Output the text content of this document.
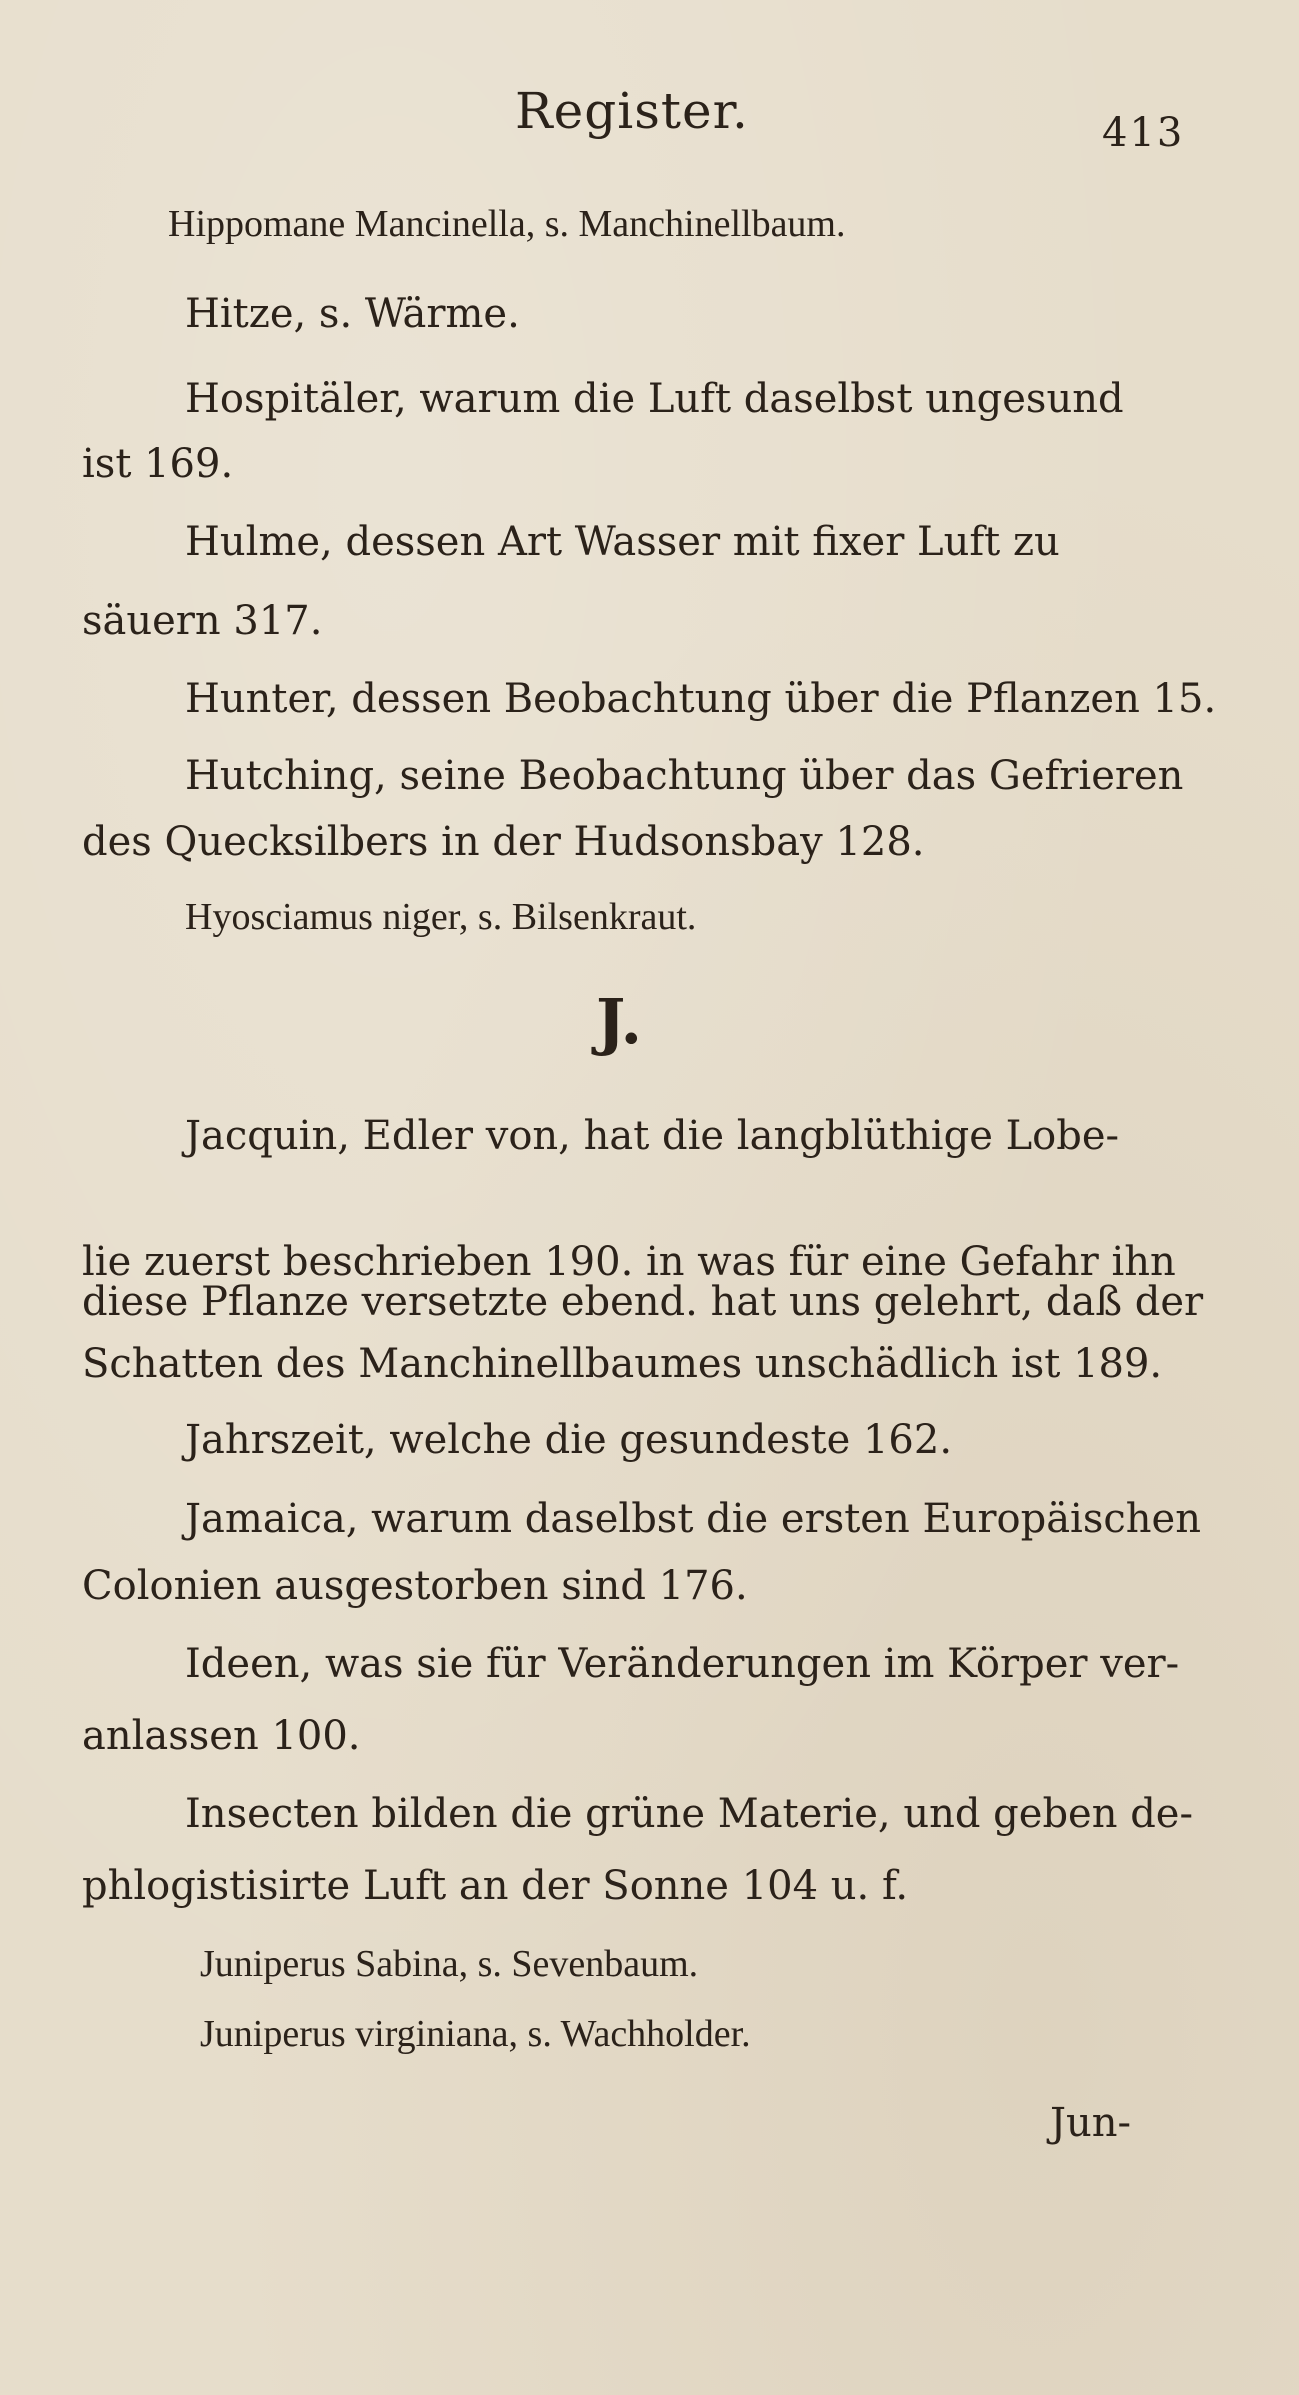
Register.	413
Hippomane Mancinella, s. Manchinellbaum.
Hitze, s. Wärme.
Hospitäler, warum die Luft daselbst ungesund
ist 169.
Hulme, dessen Art Wasser mit fixer Luft zu
säuern 317.
Hunter, dessen Beobachtung über die Pflanzen 15.
Hutching, seine Beobachtung über das Gefrieren
des Quecksilbers in der Hudsonsbay 128.
Hyosciamus niger, s. Bilsenkraut.
J.
Jacquin, Edler von, hat die langblüthige Lobe-
lie zuerst beschrieben 190. in was für eine Gefahr ihn
diese Pflanze versetzte ebend. hat uns gelehrt, daß der
Schatten des Manchinellbaumes unschädlich ist 189.
Jahrszeit, welche die gesundeste 162.
Jamaica, warum daselbst die ersten Europäischen
Colonien ausgestorben sind 176.
Ideen, was sie für Veränderungen im Körper ver-
anlassen 100.
Insecten bilden die grüne Materie, und geben de-
phlogistisirte Luft an der Sonne 104 u. f.
Juniperus Sabina, s. Sevenbaum.
Juniperus virginiana, s. Wachholder.
Jun-
